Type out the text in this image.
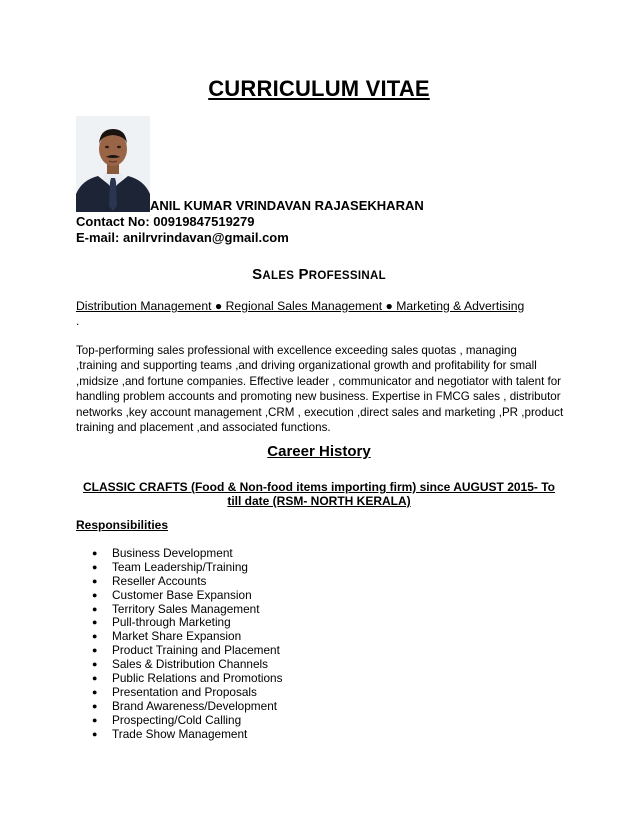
CURRICULUM VITAE
ANIL KUMAR VRINDAVAN RAJASEKHARAN
Contact No: 00919847519279
E-mail: anilrvrindavan@gmail.com
SALES PROFESSINAL
Distribution Management ● Regional Sales Management ● Marketing & Advertising
.
Top-performing sales professional with excellence exceeding sales quotas , managing
,training and supporting teams ,and driving organizational growth and profitability for small
,midsize ,and fortune companies. Effective leader , communicator and negotiator with talent for
handling problem accounts and promoting new business. Expertise in FMCG sales , distributor
networks ,key account management ,CRM , execution ,direct sales and marketing ,PR ,product
training and placement ,and associated functions.
Career History
CLASSIC CRAFTS (Food & Non-food items importing firm) since AUGUST 2015- To
till date (RSM- NORTH KERALA)
Responsibilities
● Business Development
● Team Leadership/Training
● Reseller Accounts
● Customer Base Expansion
● Territory Sales Management
● Pull-through Marketing
● Market Share Expansion
● Product Training and Placement
● Sales & Distribution Channels
● Public Relations and Promotions
● Presentation and Proposals
● Brand Awareness/Development
● Prospecting/Cold Calling
● Trade Show Management
